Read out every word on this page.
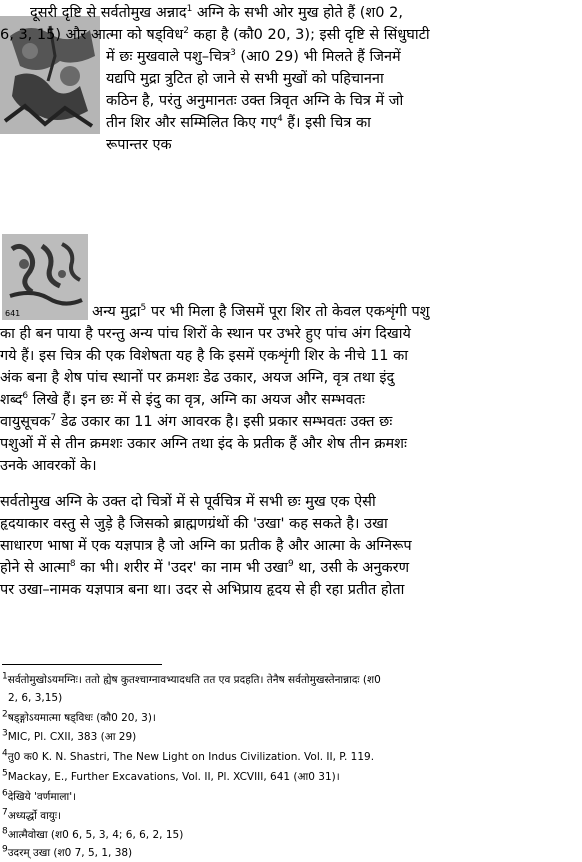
दूसरी दृष्टि से सर्वतोमुख अन्नाद$^1$ अग्नि के सभी ओर मुख होते हैं (श0 2,
6, 3, 15) और आत्मा को षड्विध$^2$ कहा है (कौ0 20, 3); इसी दृष्टि से सिंधुघाटी
में छः मुखवाले पशु–चित्र$^3$ (आ0 29) भी मिलते हैं जिनमें
यद्यपि मुद्रा त्रुटित हो जाने से सभी मुखों को पहिचानना
कठिन है, परंतु अनुमानतः उक्त त्रिवृत अग्नि के चित्र में जो
तीन शिर और सम्मिलित किए गए$^4$ हैं। इसी चित्र का
रूपान्तर एक
641	अन्य मुद्रा$^5$ पर भी मिला है जिसमें पूरा शिर तो केवल एकशृंगी पशु
का ही बन पाया है परन्तु अन्य पांच शिरों के स्थान पर उभरे हुए पांच अंग दिखाये
गये हैं। इस चित्र की एक विशेषता यह है कि इसमें एकशृंगी शिर के नीचे 11 का
अंक बना है शेष पांच स्थानों पर क्रमशः डेढ उकार, अयज अग्नि, वृत्र तथा इंदु
शब्द$^6$ लिखे हैं। इन छः में से इंदु का वृत्र, अग्नि का अयज और सम्भवतः
वायुसूचक$^7$ डेढ उकार का 11 अंग आवरक है। इसी प्रकार सम्भवतः उक्त छः
पशुओं में से तीन क्रमशः उकार अग्नि तथा इंद के प्रतीक हैं और शेष तीन क्रमशः
उनके आवरकों के।
सर्वतोमुख अग्नि के उक्त दो चित्रों में से पूर्वचित्र में सभी छः मुख एक ऐसी
हृदयाकार वस्तु से जुड़े है जिसको ब्राह्मणग्रंथों की 'उखा' कह सकते है। उखा
साधारण भाषा में एक यज्ञपात्र है जो अग्नि का प्रतीक है और आत्मा के अग्निरूप
होने से आत्मा$^8$ का भी। शरीर में 'उदर' का नाम भी उखा$^9$ था, उसी के अनुकरण
पर उखा–नामक यज्ञपात्र बना था। उदर से अभिप्राय हृदय से ही रहा प्रतीत होता
$^1$सर्वतोमुखोऽयमग्निः। ततो ह्येष कुतश्चाग्नावभ्यादधति तत एव प्रदहति। तेनैष सर्वतोमुखस्तेनान्नादः (श0
2, 6, 3,15)
$^2$षड्ङ्गोऽयमात्मा षड्विधः (कौ0 20, 3)।
$^3$MIC, Pl. CXII, 383 (आ 29)
$^4$तु0 क0 K. N. Shastri, The New Light on Indus Civilization. Vol. II, P. 119.
$^5$Mackay, E., Further Excavations, Vol. II, Pl. XCVIII, 641 (आ0 31)।
$^6$देखिये 'वर्णमाला'।
$^7$अध्यर्द्धो वायुः।
$^8$आत्मैवोखा (श0 6, 5, 3, 4; 6, 6, 2, 15)
$^9$उदरम् उखा (श0 7, 5, 1, 38)
